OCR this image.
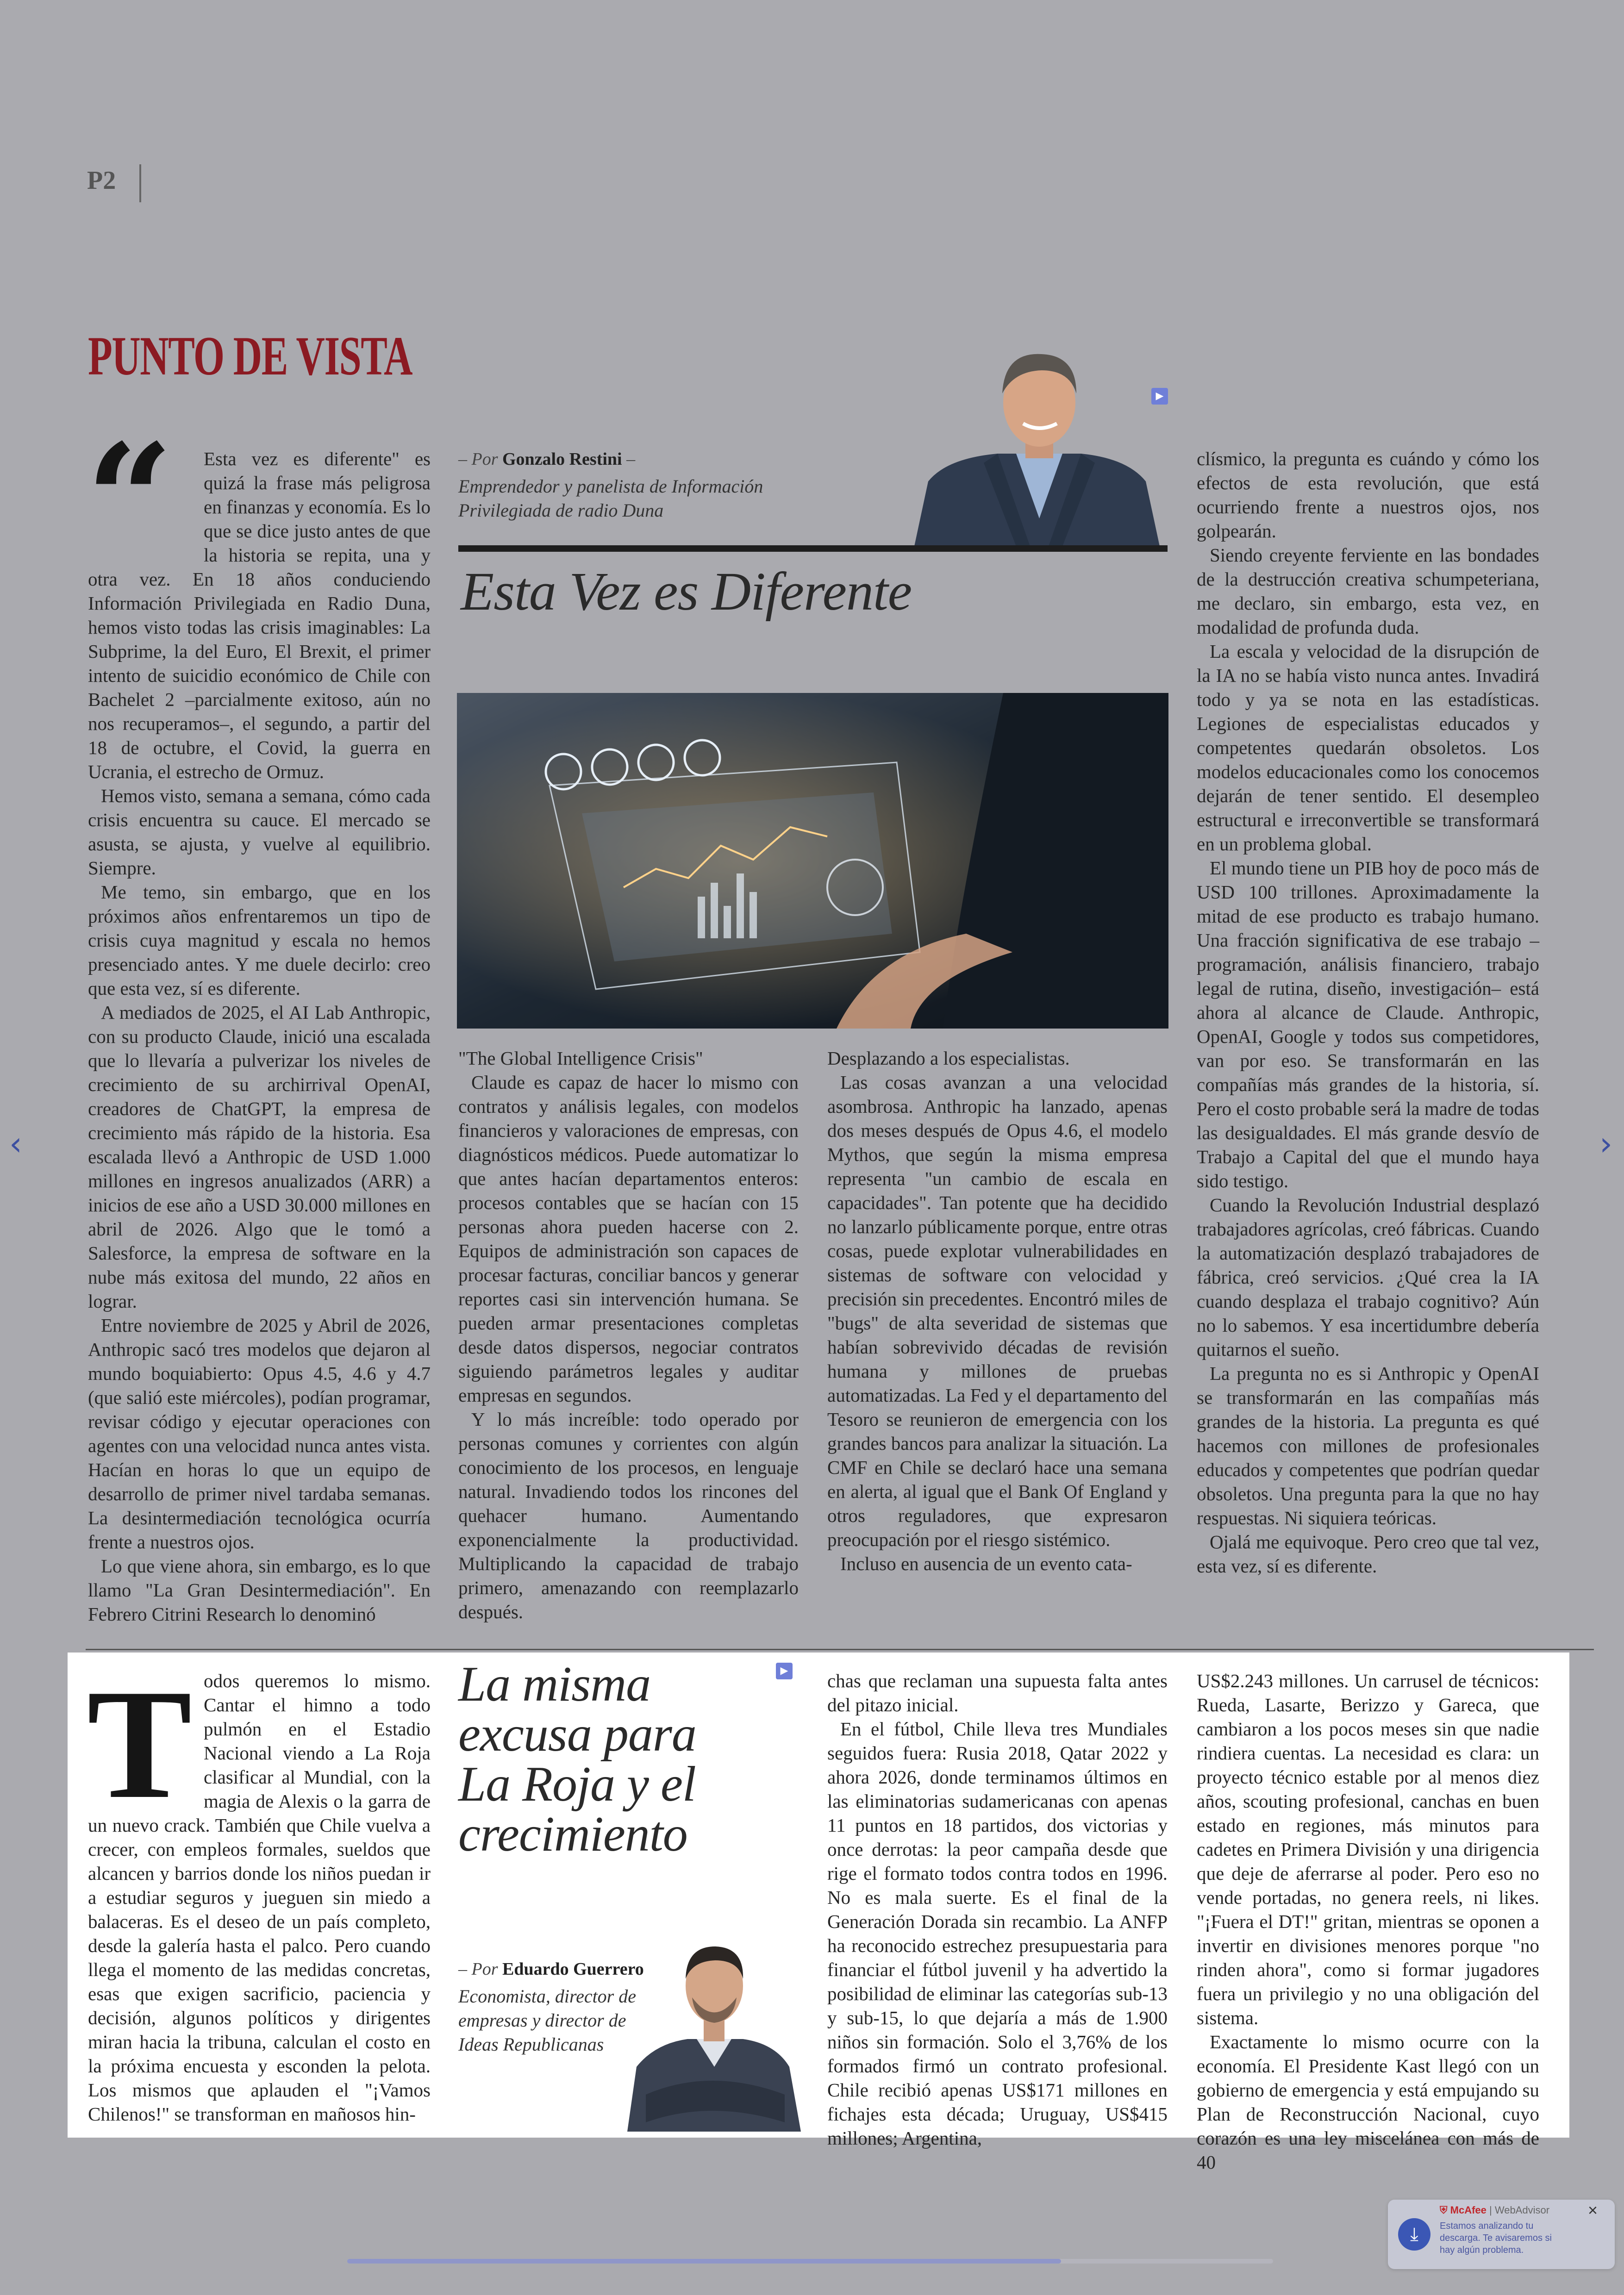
P2
PUNTO DE VISTA
“	Esta vez es diferente" es quizá la frase más peligrosa en finanzas y economía. Es lo que se dice justo antes de que la historia se repita, una y otra vez. En 18 años conduciendo Información Privilegiada en Radio Duna, hemos visto todas las crisis imaginables: La Subprime, la del Euro, El Brexit, el primer intento de suicidio económico de Chile con Bachelet 2 –parcialmente exitoso, aún no nos recuperamos–, el segundo, a partir del 18 de octubre, el Covid, la guerra en Ucrania, el estrecho de Ormuz.

Hemos visto, semana a semana, cómo cada crisis encuentra su cauce. El mercado se asusta, se ajusta, y vuelve al equilibrio. Siempre.

Me temo, sin embargo, que en los próximos años enfrentaremos un tipo de crisis cuya magnitud y escala no hemos presenciado antes. Y me duele decirlo: creo que esta vez, sí es diferente.

A mediados de 2025, el AI Lab Anthropic, con su producto Claude, inició una escalada que lo llevaría a pulverizar los niveles de crecimiento de su archirrival OpenAI, creadores de ChatGPT, la empresa de crecimiento más rápido de la historia. Esa escalada llevó a Anthropic de USD 1.000 millones en ingresos anualizados (ARR) a inicios de ese año a USD 30.000 millones en abril de 2026. Algo que le tomó a Salesforce, la empresa de software en la nube más exitosa del mundo, 22 años en lograr.

Entre noviembre de 2025 y Abril de 2026, Anthropic sacó tres modelos que dejaron al mundo boquiabierto: Opus 4.5, 4.6 y 4.7 (que salió este miércoles), podían programar, revisar código y ejecutar operaciones con agentes con una velocidad nunca antes vista. Hacían en horas lo que un equipo de desarrollo de primer nivel tardaba semanas. La desintermediación tecnológica ocurría frente a nuestros ojos.

Lo que viene ahora, sin embargo, es lo que llamo "La Gran Desintermediación". En Febrero Citrini Research lo denominó

– Por Gonzalo Restini –
Emprendedor y panelista de Información Privilegiada de radio Duna
▶
Esta Vez es Diferente

"The Global Intelligence Crisis"

Claude es capaz de hacer lo mismo con contratos y análisis legales, con modelos financieros y valoraciones de empresas, con diagnósticos médicos. Puede automatizar lo que antes hacían departamentos enteros: procesos contables que se hacían con 15 personas ahora pueden hacerse con 2. Equipos de administración son capaces de procesar facturas, conciliar bancos y generar reportes casi sin intervención humana. Se pueden armar presentaciones completas desde datos dispersos, negociar contratos siguiendo parámetros legales y auditar empresas en segundos.

Y lo más increíble: todo operado por personas comunes y corrientes con algún conocimiento de los procesos, en lenguaje natural. Invadiendo todos los rincones del quehacer humano. Aumentando exponencialmente la productividad. Multiplicando la capacidad de trabajo primero, amenazando con reemplazarlo después.

Desplazando a los especialistas.

Las cosas avanzan a una velocidad asombrosa. Anthropic ha lanzado, apenas dos meses después de Opus 4.6, el modelo Mythos, que según la misma empresa representa "un cambio de escala en capacidades". Tan potente que ha decidido no lanzarlo públicamente porque, entre otras cosas, puede explotar vulnerabilidades en sistemas de software con velocidad y precisión sin precedentes. Encontró miles de "bugs" de alta severidad de sistemas que habían sobrevivido décadas de revisión humana y millones de pruebas automatizadas. La Fed y el departamento del Tesoro se reunieron de emergencia con los grandes bancos para analizar la situación. La CMF en Chile se declaró hace una semana en alerta, al igual que el Bank Of England y otros reguladores, que expresaron preocupación por el riesgo sistémico.

Incluso en ausencia de un evento cata-

clísmico, la pregunta es cuándo y cómo los efectos de esta revolución, que está ocurriendo frente a nuestros ojos, nos golpearán.

Siendo creyente ferviente en las bondades de la destrucción creativa schumpeteriana, me declaro, sin embargo, esta vez, en modalidad de profunda duda.

La escala y velocidad de la disrupción de la IA no se había visto nunca antes. Invadirá todo y ya se nota en las estadísticas. Legiones de especialistas educados y competentes quedarán obsoletos. Los modelos educacionales como los conocemos dejarán de tener sentido. El desempleo estructural e irreconvertible se transformará en un problema global.

El mundo tiene un PIB hoy de poco más de USD 100 trillones. Aproximadamente la mitad de ese producto es trabajo humano. Una fracción significativa de ese trabajo –programación, análisis financiero, trabajo legal de rutina, diseño, investigación– está ahora al alcance de Claude. Anthropic, OpenAI, Google y todos sus competidores, van por eso. Se transformarán en las compañías más grandes de la historia, sí. Pero el costo probable será la madre de todas las desigualdades. El más grande desvío de Trabajo a Capital del que el mundo haya sido testigo.

Cuando la Revolución Industrial desplazó trabajadores agrícolas, creó fábricas. Cuando la automatización desplazó trabajadores de fábrica, creó servicios. ¿Qué crea la IA cuando desplaza el trabajo cognitivo? Aún no lo sabemos. Y esa incertidumbre debería quitarnos el sueño.

La pregunta no es si Anthropic y OpenAI se transformarán en las compañías más grandes de la historia. La pregunta es qué hacemos con millones de profesionales educados y competentes que podrían quedar obsoletos. Una pregunta para la que no hay respuestas. Ni siquiera teóricas.

Ojalá me equivoque. Pero creo que tal vez, esta vez, sí es diferente.

‹	›
T odos queremos lo mismo. Cantar el himno a todo pulmón en el Estadio Nacional viendo a La Roja clasificar al Mundial, con la magia de Alexis o la garra de un nuevo crack. También que Chile vuelva a crecer, con empleos formales, sueldos que alcancen y barrios donde los niños puedan ir a estudiar seguros y jueguen sin miedo a balaceras. Es el deseo de un país completo, desde la galería hasta el palco. Pero cuando llega el momento de las medidas concretas, esas que exigen sacrificio, paciencia y decisión, algunos políticos y dirigentes miran hacia la tribuna, calculan el costo en la próxima encuesta y esconden la pelota. Los mismos que aplauden el "¡Vamos Chilenos!" se transforman en mañosos hin-

La misma excusa para La Roja y el crecimiento
▶
– Por Eduardo Guerrero
Economista, director de empresas y director de Ideas Republicanas

chas que reclaman una supuesta falta antes del pitazo inicial.

En el fútbol, Chile lleva tres Mundiales seguidos fuera: Rusia 2018, Qatar 2022 y ahora 2026, donde terminamos últimos en las eliminatorias sudamericanas con apenas 11 puntos en 18 partidos, dos victorias y once derrotas: la peor campaña desde que rige el formato todos contra todos en 1996. No es mala suerte. Es el final de la Generación Dorada sin recambio. La ANFP ha reconocido estrechez presupuestaria para financiar el fútbol juvenil y ha advertido la posibilidad de eliminar las categorías sub-13 y sub-15, lo que dejaría a más de 1.900 niños sin formación. Solo el 3,76% de los formados firmó un contrato profesional. Chile recibió apenas US$171 millones en fichajes esta década; Uruguay, US$415 millones; Argentina,

US$2.243 millones. Un carrusel de técnicos: Rueda, Lasarte, Berizzo y Gareca, que cambiaron a los pocos meses sin que nadie rindiera cuentas. La necesidad es clara: un proyecto técnico estable por al menos diez años, scouting profesional, canchas en buen estado en regiones, más minutos para cadetes en Primera División y una dirigencia que deje de aferrarse al poder. Pero eso no vende portadas, no genera reels, ni likes. "¡Fuera el DT!" gritan, mientras se oponen a invertir en divisiones menores porque "no rinden ahora", como si formar jugadores fuera un privilegio y no una obligación del sistema.

Exactamente lo mismo ocurre con la economía. El Presidente Kast llegó con un gobierno de emergencia y está empujando su Plan de Reconstrucción Nacional, cuyo corazón es una ley miscelánea con más de 40

⤓
⛨ McAfee | WebAdvisor
Estamos analizando tu descarga. Te avisaremos si hay algún problema.
×
